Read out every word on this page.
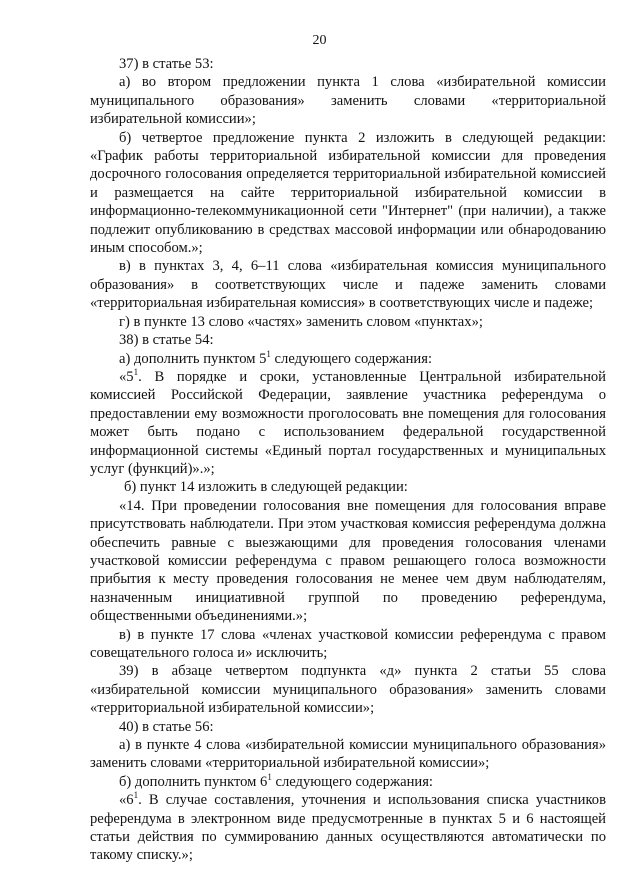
20

37) в статье 53:

а) во втором предложении пункта 1 слова «избирательной комиссии муниципального образования» заменить словами «территориальной избирательной комиссии»;

б) четвертое предложение пункта 2 изложить в следующей редакции: «График работы территориальной избирательной комиссии для проведения досрочного голосования определяется территориальной избирательной комиссией и размещается на сайте территориальной избирательной комиссии в информационно-телекоммуникационной сети "Интернет" (при наличии), а также подлежит опубликованию в средствах массовой информации или обнародованию иным способом.»;

в) в пунктах 3, 4, 6–11 слова «избирательная комиссия муниципального образования» в соответствующих числе и падеже заменить словами «территориальная избирательная комиссия» в соответствующих числе и падеже;

г) в пункте 13 слово «частях» заменить словом «пунктах»;

38) в статье 54:

а) дополнить пунктом $5^1$ следующего содержания:

«$5^1$. В порядке и сроки, установленные Центральной избирательной комиссией Российской Федерации, заявление участника референдума о предоставлении ему возможности проголосовать вне помещения для голосования может быть подано с использованием федеральной государственной информационной системы «Единый портал государственных и муниципальных услуг (функций)».»;

б) пункт 14 изложить в следующей редакции:

«14. При проведении голосования вне помещения для голосования вправе присутствовать наблюдатели. При этом участковая комиссия референдума должна обеспечить равные с выезжающими для проведения голосования членами участковой комиссии референдума с правом решающего голоса возможности прибытия к месту проведения голосования не менее чем двум наблюдателям, назначенным инициативной группой по проведению референдума, общественными объединениями.»;

в) в пункте 17 слова «членах участковой комиссии референдума с правом совещательного голоса и» исключить;

39) в абзаце четвертом подпункта «д» пункта 2 статьи 55 слова «избирательной комиссии муниципального образования» заменить словами «территориальной избирательной комиссии»;

40) в статье 56:

а) в пункте 4 слова «избирательной комиссии муниципального образования» заменить словами «территориальной избирательной комиссии»;

б) дополнить пунктом $6^1$ следующего содержания:

«$6^1$. В случае составления, уточнения и использования списка участников референдума в электронном виде предусмотренные в пунктах 5 и 6 настоящей статьи действия по суммированию данных осуществляются автоматически по такому списку.»;
